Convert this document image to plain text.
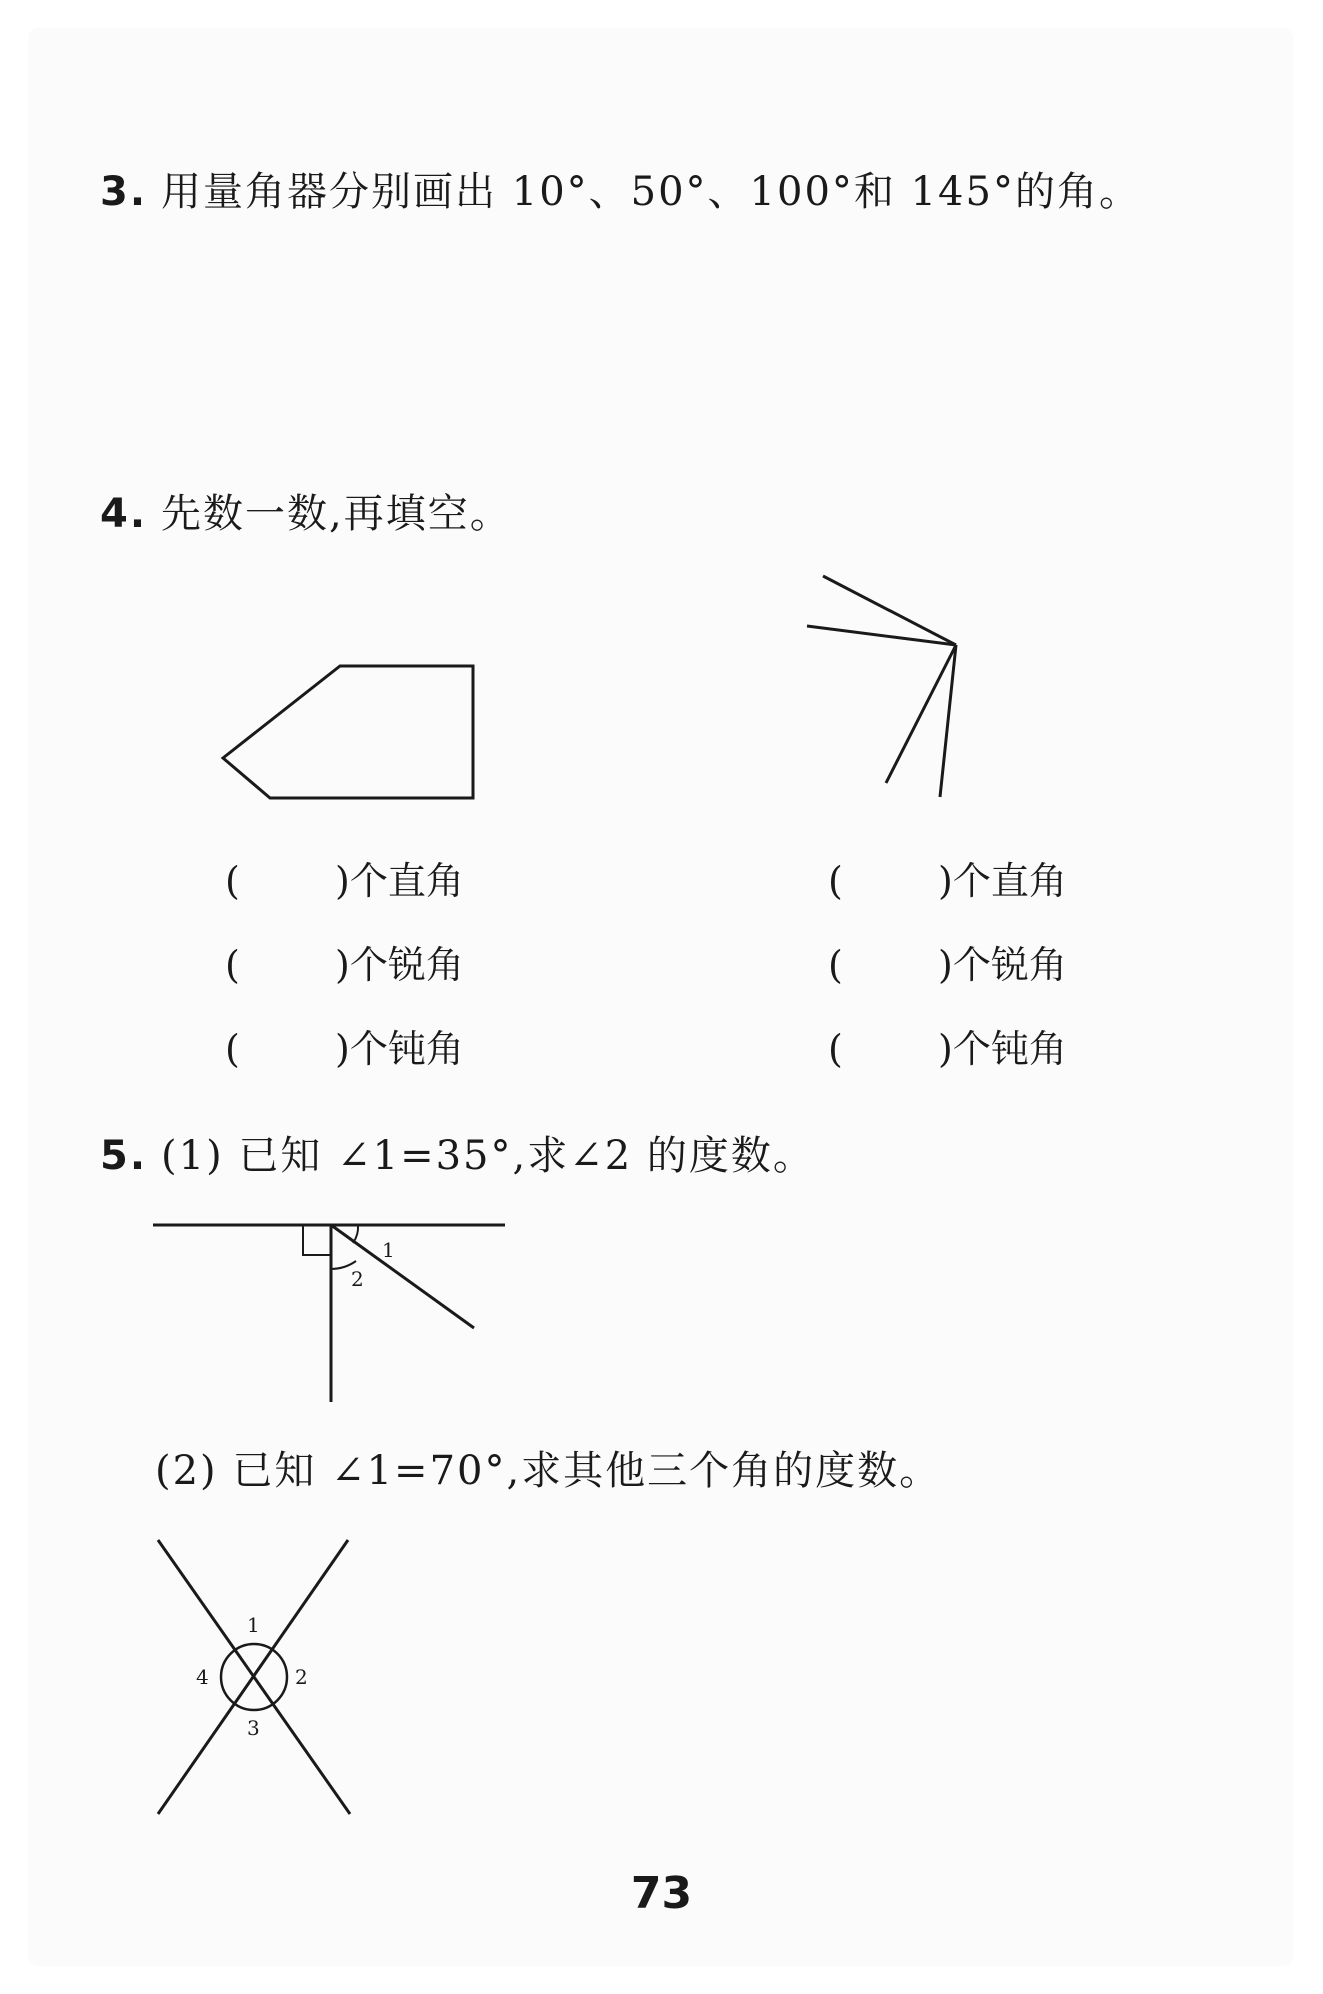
3. 用量角器分别画出 10°、50°、100°和 145°的角。
4. 先数一数,再填空。
(	)个直角
(	)个锐角
(	)个钝角
(	)个直角
(	)个锐角
(	)个钝角
5. (1) 已知 ∠1=35°,求∠2 的度数。
1
2
(2) 已知 ∠1=70°,求其他三个角的度数。
1
2
3
4
73
